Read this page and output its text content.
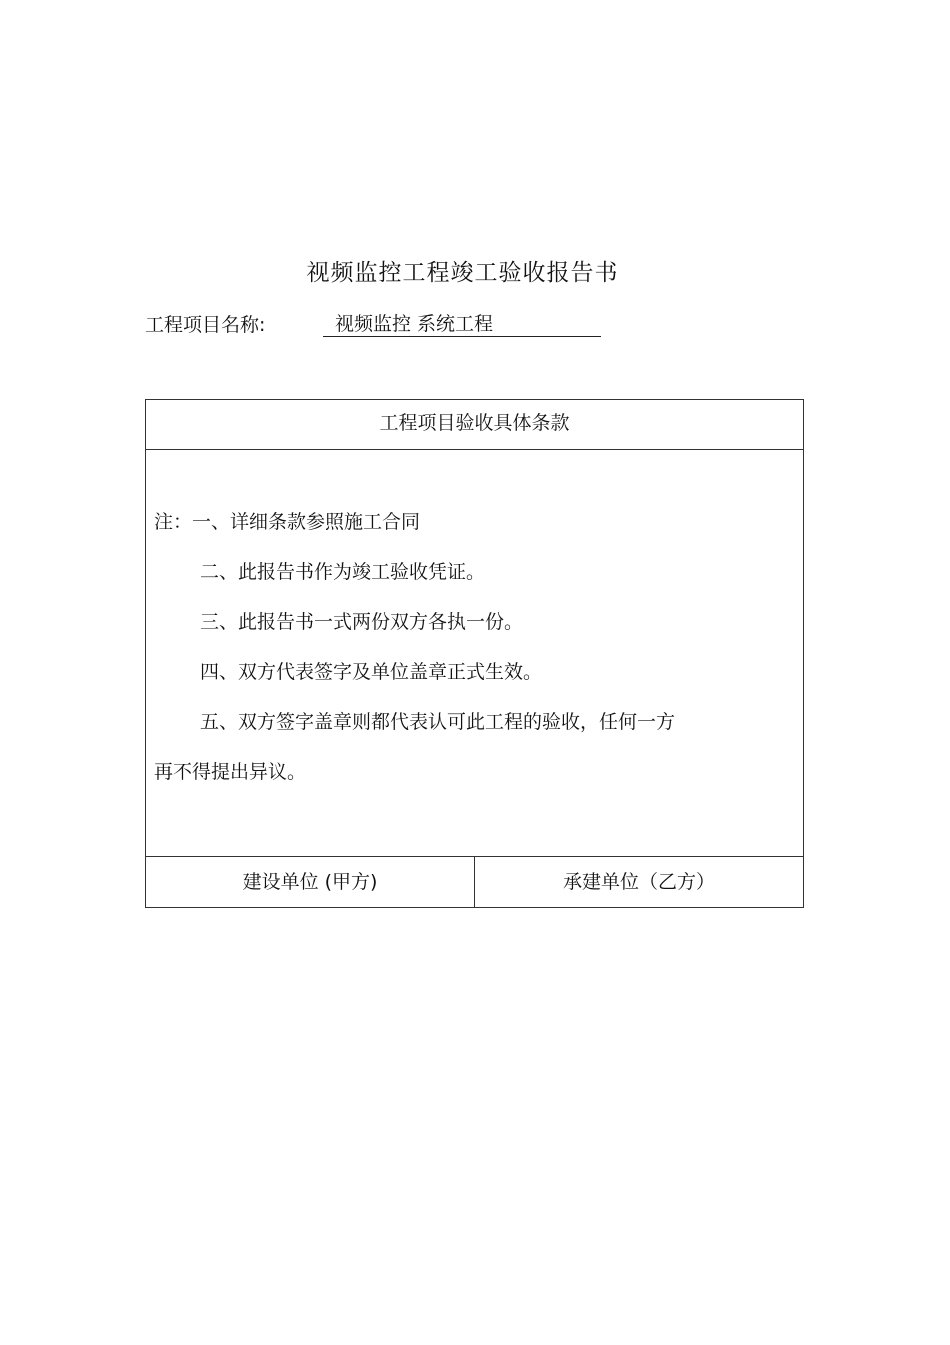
视频监控工程竣工验收报告书
工程项目名称:	视频监控 系统工程
工程项目验收具体条款
注：一、详细条款参照施工合同
二、此报告书作为竣工验收凭证。
三、此报告书一式两份双方各执一份。
四、双方代表签字及单位盖章正式生效。
五、双方签字盖章则都代表认可此工程的验收，任何一方
再不得提出异议。
建设单位 (甲方)	承建单位（乙方）
